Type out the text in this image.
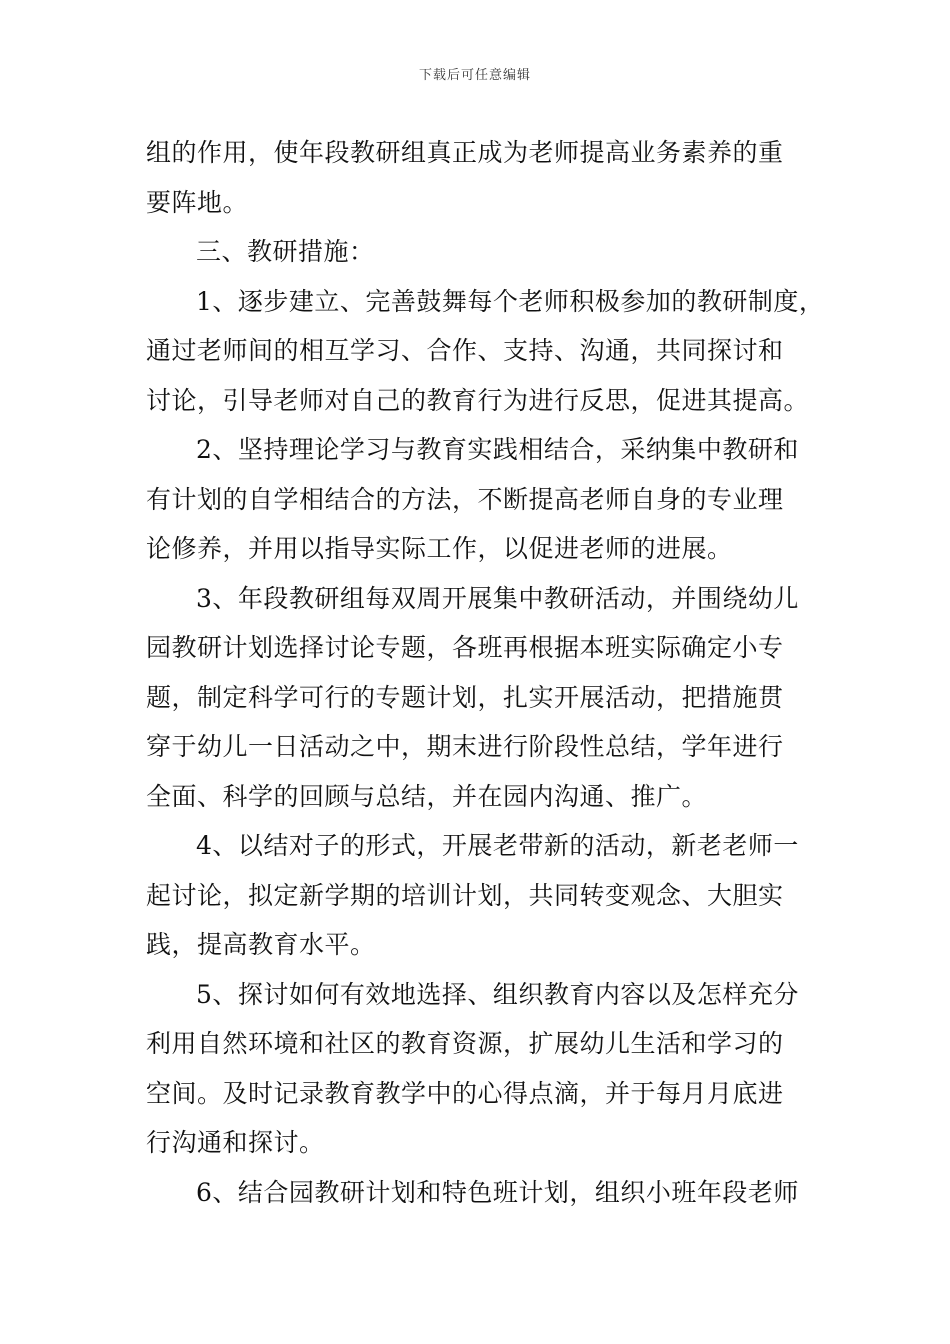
下载后可任意编辑
组的作用，使年段教研组真正成为老师提高业务素养的重
要阵地。
三、教研措施：
1、逐步建立、完善鼓舞每个老师积极参加的教研制度，
通过老师间的相互学习、合作、支持、沟通，共同探讨和
讨论，引导老师对自己的教育行为进行反思，促进其提高。
2、坚持理论学习与教育实践相结合，采纳集中教研和
有计划的自学相结合的方法，不断提高老师自身的专业理
论修养，并用以指导实际工作，以促进老师的进展。
3、年段教研组每双周开展集中教研活动，并围绕幼儿
园教研计划选择讨论专题，各班再根据本班实际确定小专
题，制定科学可行的专题计划，扎实开展活动，把措施贯
穿于幼儿一日活动之中，期末进行阶段性总结，学年进行
全面、科学的回顾与总结，并在园内沟通、推广。
4、以结对子的形式，开展老带新的活动，新老老师一
起讨论，拟定新学期的培训计划，共同转变观念、大胆实
践，提高教育水平。
5、探讨如何有效地选择、组织教育内容以及怎样充分
利用自然环境和社区的教育资源，扩展幼儿生活和学习的
空间。及时记录教育教学中的心得点滴，并于每月月底进
行沟通和探讨。
6、结合园教研计划和特色班计划，组织小班年段老师
